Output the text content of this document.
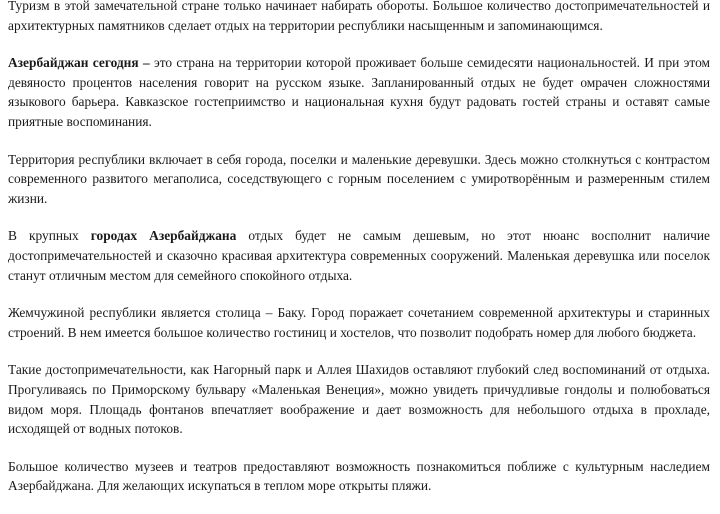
Туризм в этой замечательной стране только начинает набирать обороты. Большое количество достопримечательностей и архитектурных памятников сделает отдых на территории республики насыщенным и запоминающимся.

Азербайджан сегодня – это страна на территории которой проживает больше семидесяти национальностей. И при этом девяносто процентов населения говорит на русском языке. Запланированный отдых не будет омрачен сложностями языкового барьера. Кавказское гостеприимство и национальная кухня будут радовать гостей страны и оставят самые приятные воспоминания.

Территория республики включает в себя города, поселки и маленькие деревушки. Здесь можно столкнуться с контрастом современного развитого мегаполиса, соседствующего с горным поселением с умиротворённым и размеренным стилем жизни.

В крупных городах Азербайджана отдых будет не самым дешевым, но этот нюанс восполнит наличие достопримечательностей и сказочно красивая архитектура современных сооружений. Маленькая деревушка или поселок станут отличным местом для семейного спокойного отдыха.

Жемчужиной республики является столица – Баку. Город поражает сочетанием современной архитектуры и старинных строений. В нем имеется большое количество гостиниц и хостелов, что позволит подобрать номер для любого бюджета.

Такие достопримечательности, как Нагорный парк и Аллея Шахидов оставляют глубокий след воспоминаний от отдыха. Прогуливаясь по Приморскому бульвару «Маленькая Венеция», можно увидеть причудливые гондолы и полюбоваться видом моря. Площадь фонтанов впечатляет воображение и дает возможность для небольшого отдыха в прохладе, исходящей от водных потоков.

Большое количество музеев и театров предоставляют возможность познакомиться поближе с культурным наследием Азербайджана. Для желающих искупаться в теплом море открыты пляжи.
